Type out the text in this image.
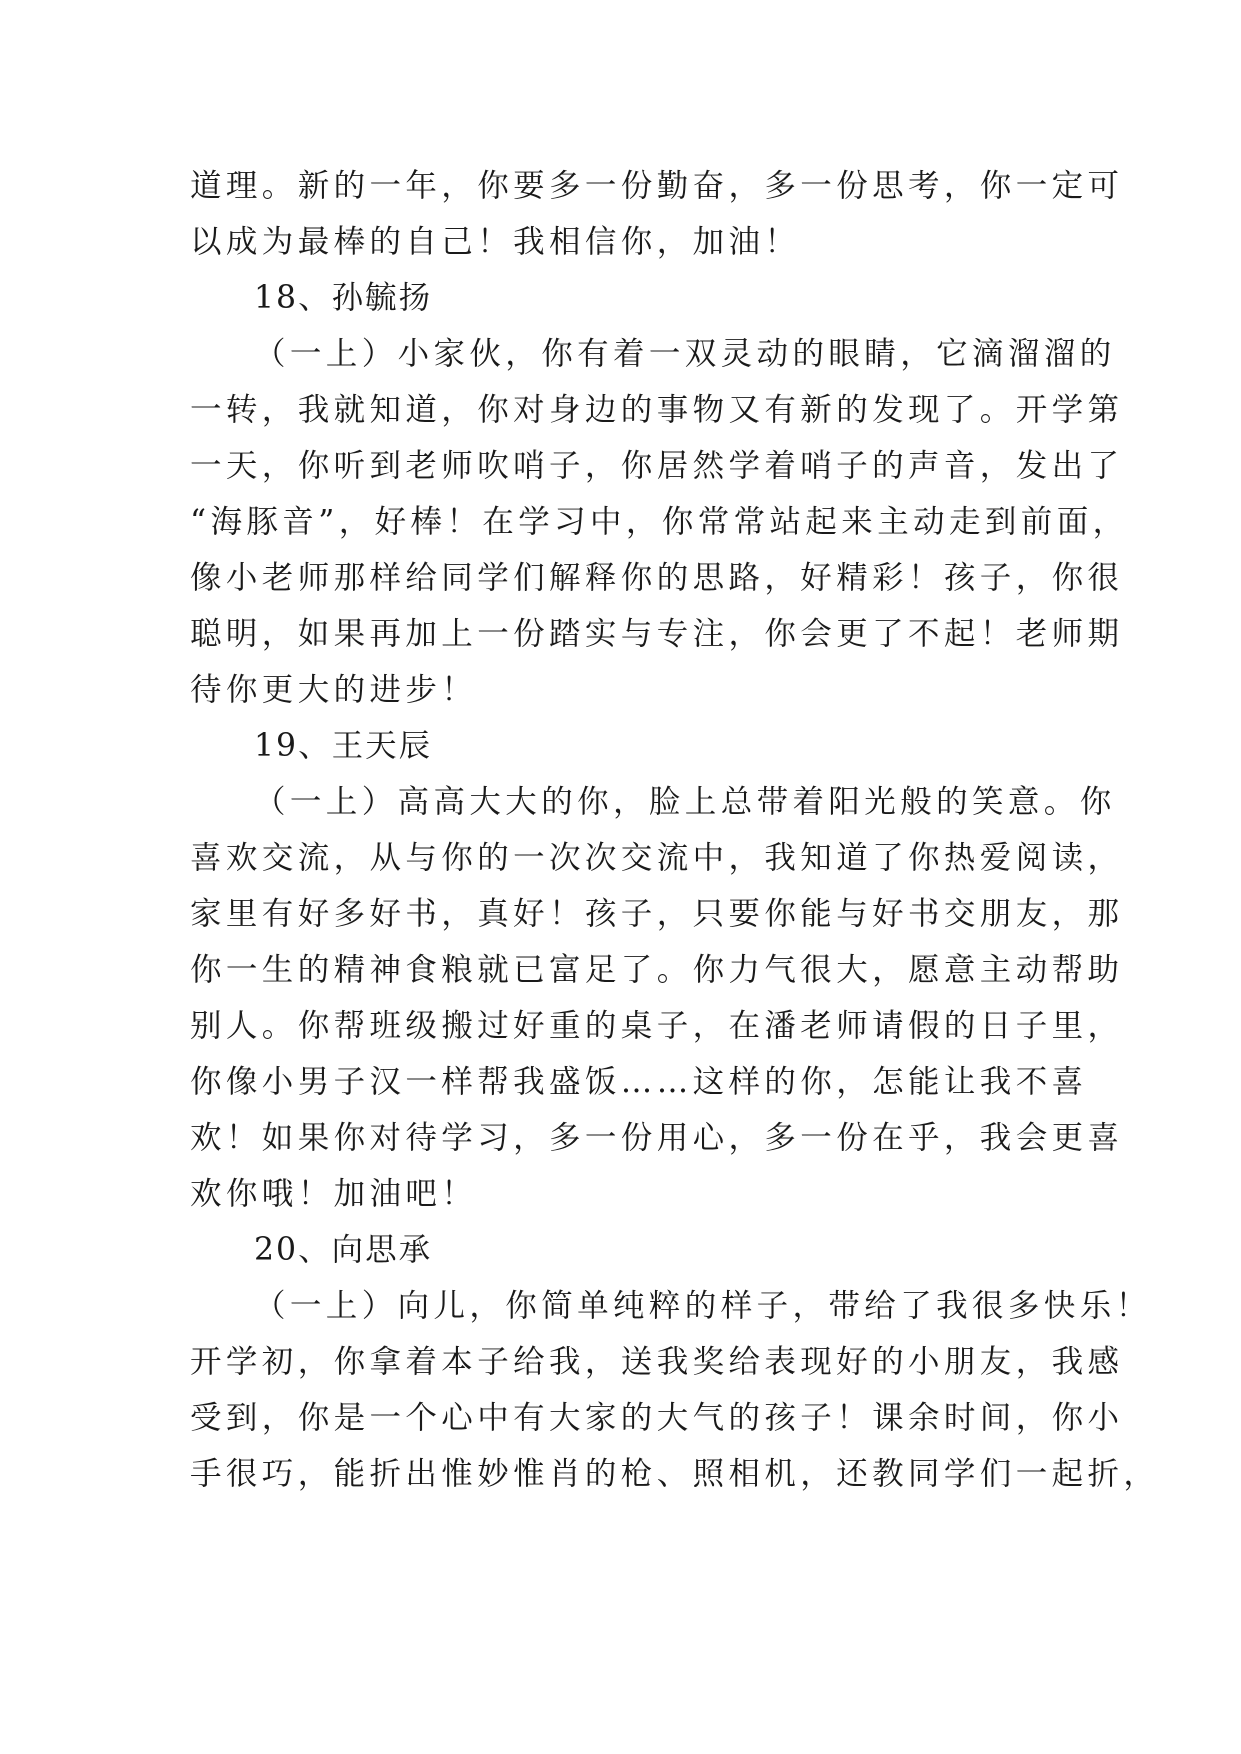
道理。新的一年，你要多一份勤奋，多一份思考，你一定可
以成为最棒的自己！我相信你，加油！
18、孙毓扬
（一上）小家伙，你有着一双灵动的眼睛，它滴溜溜的
一转，我就知道，你对身边的事物又有新的发现了。开学第
一天，你听到老师吹哨子，你居然学着哨子的声音，发出了
“海豚音”，好棒！在学习中，你常常站起来主动走到前面，
像小老师那样给同学们解释你的思路，好精彩！孩子，你很
聪明，如果再加上一份踏实与专注，你会更了不起！老师期
待你更大的进步！
19、王天辰
（一上）高高大大的你，脸上总带着阳光般的笑意。你
喜欢交流，从与你的一次次交流中，我知道了你热爱阅读，
家里有好多好书，真好！孩子，只要你能与好书交朋友，那
你一生的精神食粮就已富足了。你力气很大，愿意主动帮助
别人。你帮班级搬过好重的桌子，在潘老师请假的日子里，
你像小男子汉一样帮我盛饭……这样的你，怎能让我不喜
欢！如果你对待学习，多一份用心，多一份在乎，我会更喜
欢你哦！加油吧！
20、向思承
（一上）向儿，你简单纯粹的样子，带给了我很多快乐！
开学初，你拿着本子给我，送我奖给表现好的小朋友，我感
受到，你是一个心中有大家的大气的孩子！课余时间，你小
手很巧，能折出惟妙惟肖的枪、照相机，还教同学们一起折，
